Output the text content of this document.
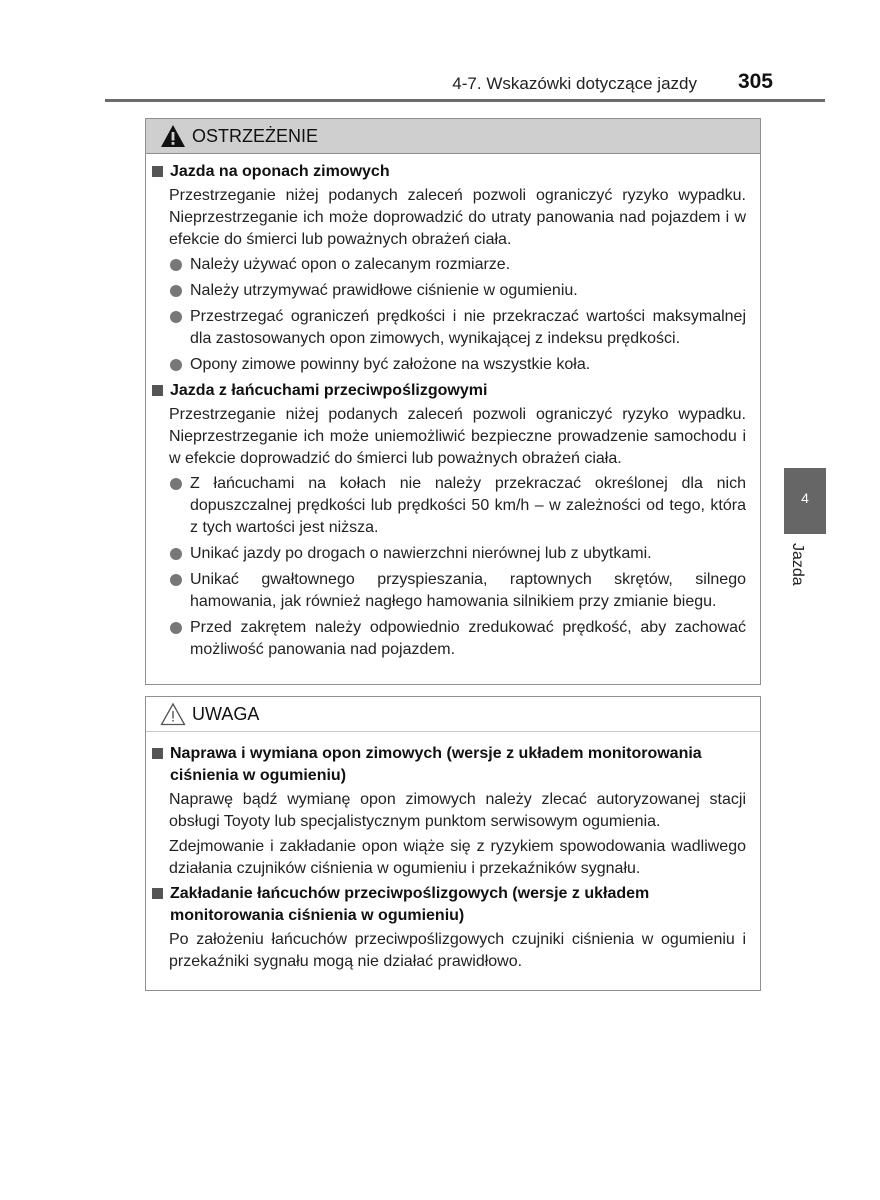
4-7. Wskazówki dotyczące jazdy 305
4
Jazda
OSTRZEŻENIE
Jazda na oponach zimowych
Przestrzeganie niżej podanych zaleceń pozwoli ograniczyć ryzyko wypadku. Nieprzestrzeganie ich może doprowadzić do utraty panowania nad pojazdem i w efekcie do śmierci lub poważnych obrażeń ciała.
Należy używać opon o zalecanym rozmiarze.
Należy utrzymywać prawidłowe ciśnienie w ogumieniu.
Przestrzegać ograniczeń prędkości i nie przekraczać wartości maksymalnej dla zastosowanych opon zimowych, wynikającej z indeksu prędkości.
Opony zimowe powinny być założone na wszystkie koła.
Jazda z łańcuchami przeciwpoślizgowymi
Przestrzeganie niżej podanych zaleceń pozwoli ograniczyć ryzyko wypadku. Nieprzestrzeganie ich może uniemożliwić bezpieczne prowadzenie samochodu i w efekcie doprowadzić do śmierci lub poważnych obrażeń ciała.
Z łańcuchami na kołach nie należy przekraczać określonej dla nich dopuszczalnej prędkości lub prędkości 50 km/h – w zależności od tego, która z tych wartości jest niższa.
Unikać jazdy po drogach o nawierzchni nierównej lub z ubytkami.
Unikać gwałtownego przyspieszania, raptownych skrętów, silnego hamowania, jak również nagłego hamowania silnikiem przy zmianie biegu.
Przed zakrętem należy odpowiednio zredukować prędkość, aby zachować możliwość panowania nad pojazdem.
UWAGA
Naprawa i wymiana opon zimowych (wersje z układem monitorowania ciśnienia w ogumieniu)
Naprawę bądź wymianę opon zimowych należy zlecać autoryzowanej stacji obsługi Toyoty lub specjalistycznym punktom serwisowym ogumienia.
Zdejmowanie i zakładanie opon wiąże się z ryzykiem spowodowania wadliwego działania czujników ciśnienia w ogumieniu i przekaźników sygnału.
Zakładanie łańcuchów przeciwpoślizgowych (wersje z układem monitorowania ciśnienia w ogumieniu)
Po założeniu łańcuchów przeciwpoślizgowych czujniki ciśnienia w ogumieniu i przekaźniki sygnału mogą nie działać prawidłowo.
